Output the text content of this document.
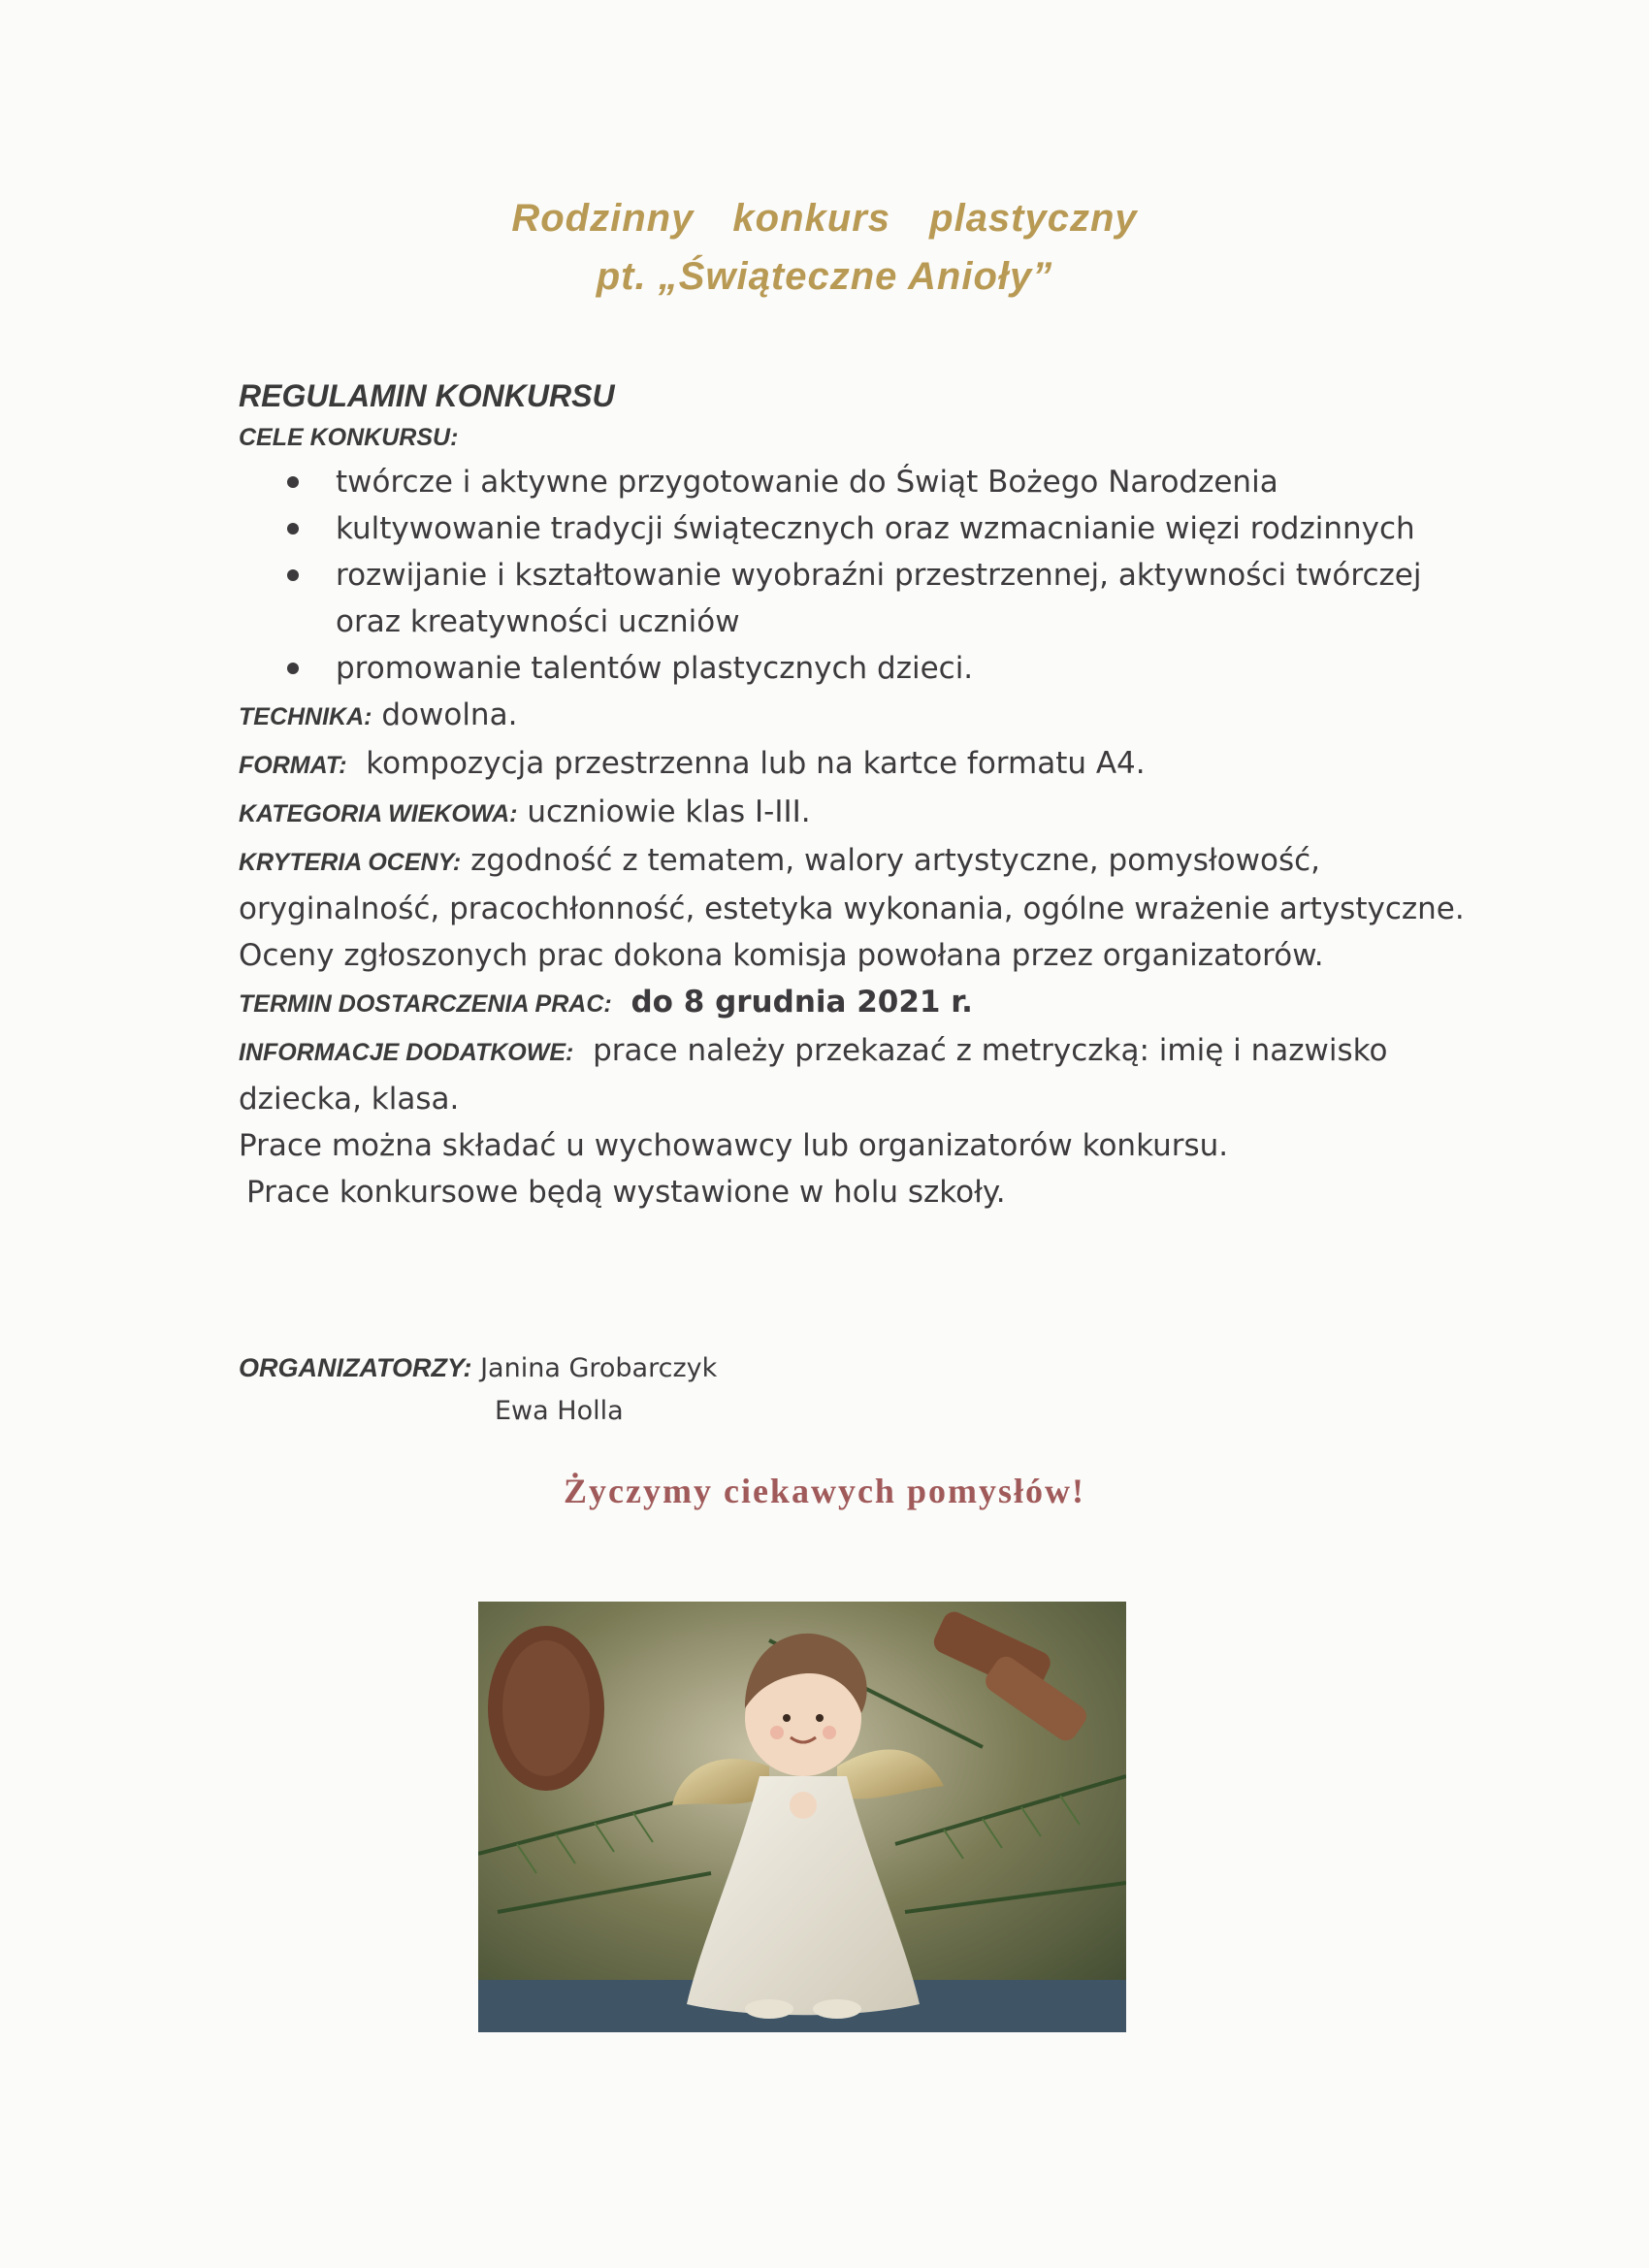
Rodzinny konkurs plastyczny
pt. „Świąteczne Anioły”
REGULAMIN KONKURSU
CELE KONKURSU:
twórcze i aktywne przygotowanie do Świąt Bożego Narodzenia
kultywowanie tradycji świątecznych oraz wzmacnianie więzi rodzinnych
rozwijanie i kształtowanie wyobraźni przestrzennej, aktywności twórczej oraz kreatywności uczniów
promowanie talentów plastycznych dzieci.

TECHNIKA: dowolna.

FORMAT: kompozycja przestrzenna lub na kartce formatu A4.

KATEGORIA WIEKOWA: uczniowie klas I-III.

KRYTERIA OCENY: zgodność z tematem, walory artystyczne, pomysłowość, oryginalność, pracochłonność, estetyka wykonania, ogólne wrażenie artystyczne.

Oceny zgłoszonych prac dokona komisja powołana przez organizatorów.

TERMIN DOSTARCZENIA PRAC: do 8 grudnia 2021 r.

INFORMACJE DODATKOWE: prace należy przekazać z metryczką: imię i nazwisko dziecka, klasa.

Prace można składać u wychowawcy lub organizatorów konkursu.

Prace konkursowe będą wystawione w holu szkoły.

ORGANIZATORZY: Janina Grobarczyk
Ewa Holla
Życzymy ciekawych pomysłów!
